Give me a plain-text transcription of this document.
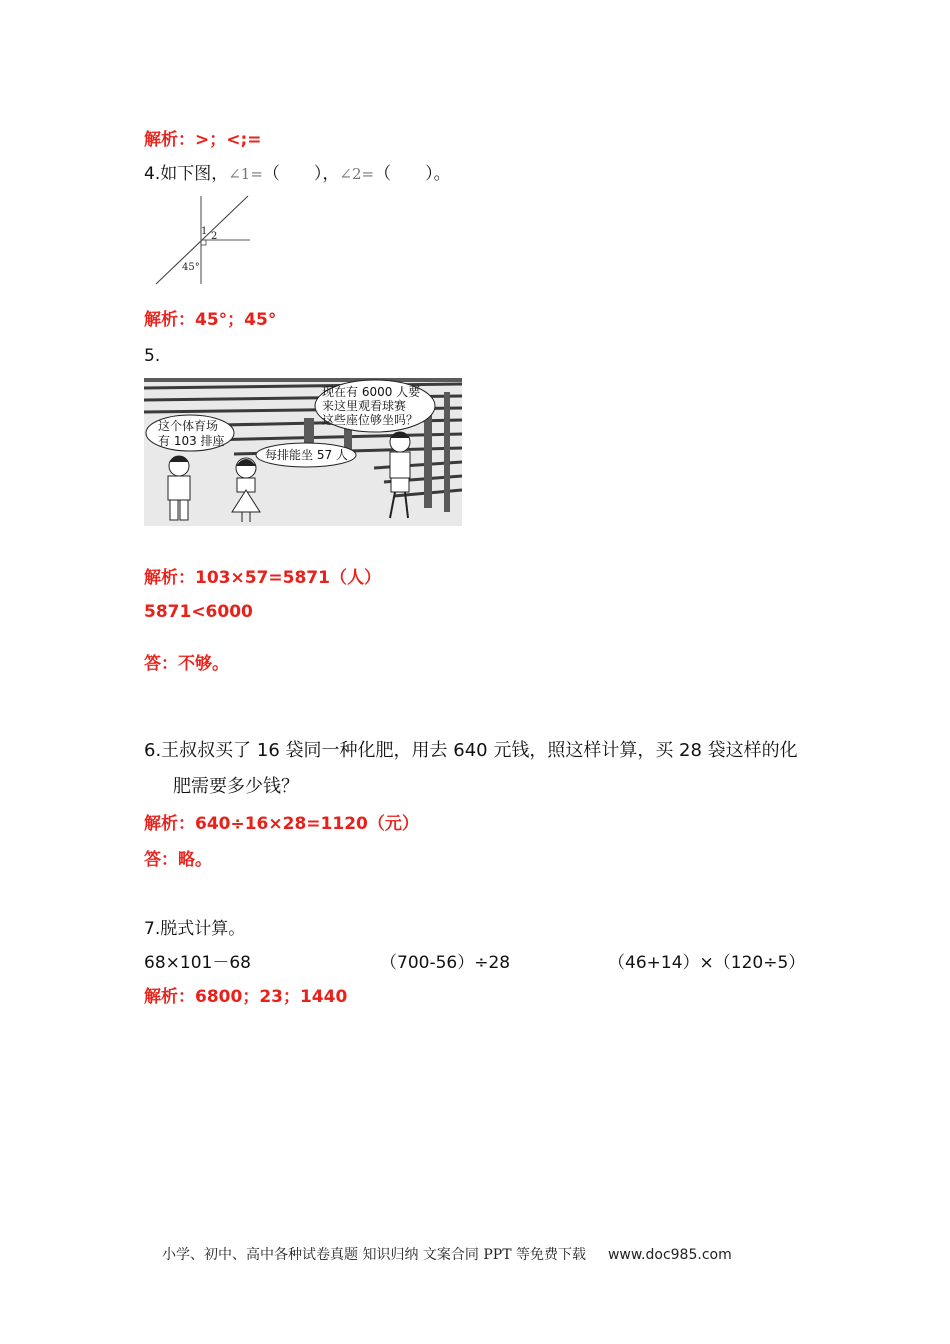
解析：>；<;=
4.如下图，∠1=（　　），∠2=（　　）。
1 2
45°
解析：45°；45°
5.
这个体育场
有 103 排座
每排能坐 57 人
现在有 6000 人要
来这里观看球赛
这些座位够坐吗？
解析：103×57=5871（人）
5871<6000
答：不够。
6.王叔叔买了 16 袋同一种化肥，用去 640 元钱，照这样计算，买 28 袋这样的化
肥需要多少钱？
解析：640÷16×28=1120（元）
答：略。
7.脱式计算。
68×101－68	（700-56）÷28	（46+14）×（120÷5）
解析：6800；23；1440
小学、初中、高中各种试卷真题 知识归纳 文案合同 PPT 等免费下载 www.doc985.com
